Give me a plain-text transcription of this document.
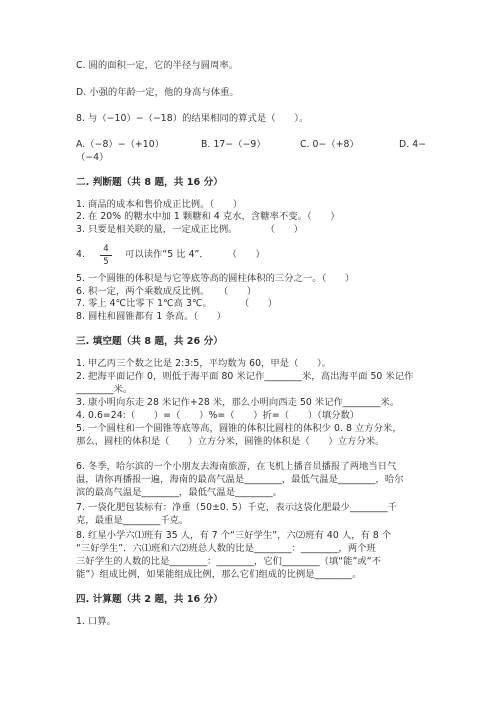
C. 圆的面积一定，它的半径与圆周率。
D. 小强的年龄一定，他的身高与体重。
8. 与（−10）−（−18）的结果相同的算式是（　　）。
A.（−8）−（+10）	B. 17−（−9）	C. 0−（+8）	D. 4−
（−4）
二. 判断题（共 8 题，共 16 分）
1. 商品的成本和售价成正比例。（　　）
2. 在 20% 的糖水中加 1 颗糖和 4 克水，含糖率不变。（　　）
3. 只要是相关联的量，一定成正比例。　　　　（　　）
4.	4
5
可以读作“5 比 4”．　　　（　　）
5. 一个圆锥的体积是与它等底等高的圆柱体积的三分之一。（　　）
6. 积一定，两个乘数成反比例。　　（　　）
7. 零上 4℃比零下 1℃高 3℃。　　　　（　　）
8. 圆柱和圆锥都有 1 条高。（　　）
三. 填空题（共 8 题，共 26 分）
1. 甲乙丙三个数之比是 2:3:5，平均数为 60，甲是（　　）。
2. 把海平面记作 0，则低于海平面 80 米记作________米，高出海平面 50 米记作
________米。
3. 康小明向东走 28 米记作+28 米，那么小明向西走 50 米记作________米。
4. 0.6=24:（　　）=（　　）%=（　　）折=（　　）（填分数）
5. 一个圆柱和一个圆锥等底等高，圆锥的体积比圆柱的体积少 0. 8 立方分米，
那么，圆柱的体积是（　　）立方分米，圆锥的体积是（　　）立方分米。
6. 冬季，哈尔滨的一个小朋友去海南旅游，在飞机上播音员播报了两地当日气
温，请你再播报一遍，海南的最高气温是________，最低气温是________，哈尔
滨的最高气温是________，最低气温是________。
7. 一袋化肥包装标有：净重（50±0. 5）千克，表示这袋化肥最少________千
克，最重是________千克。
8. 红星小学六⑴班有 35 人，有 7 个“三好学生”，六⑵班有 40 人，有 8 个
“三好学生”．六⑴班和六⑵班总人数的比是________：________，两个班
三好学生的人数的比是________：________，它们________（填“能”或“不
能”）组成比例，如果能组成比例，那么它们组成的比例是________。
四. 计算题（共 2 题，共 16 分）
1. 口算。
